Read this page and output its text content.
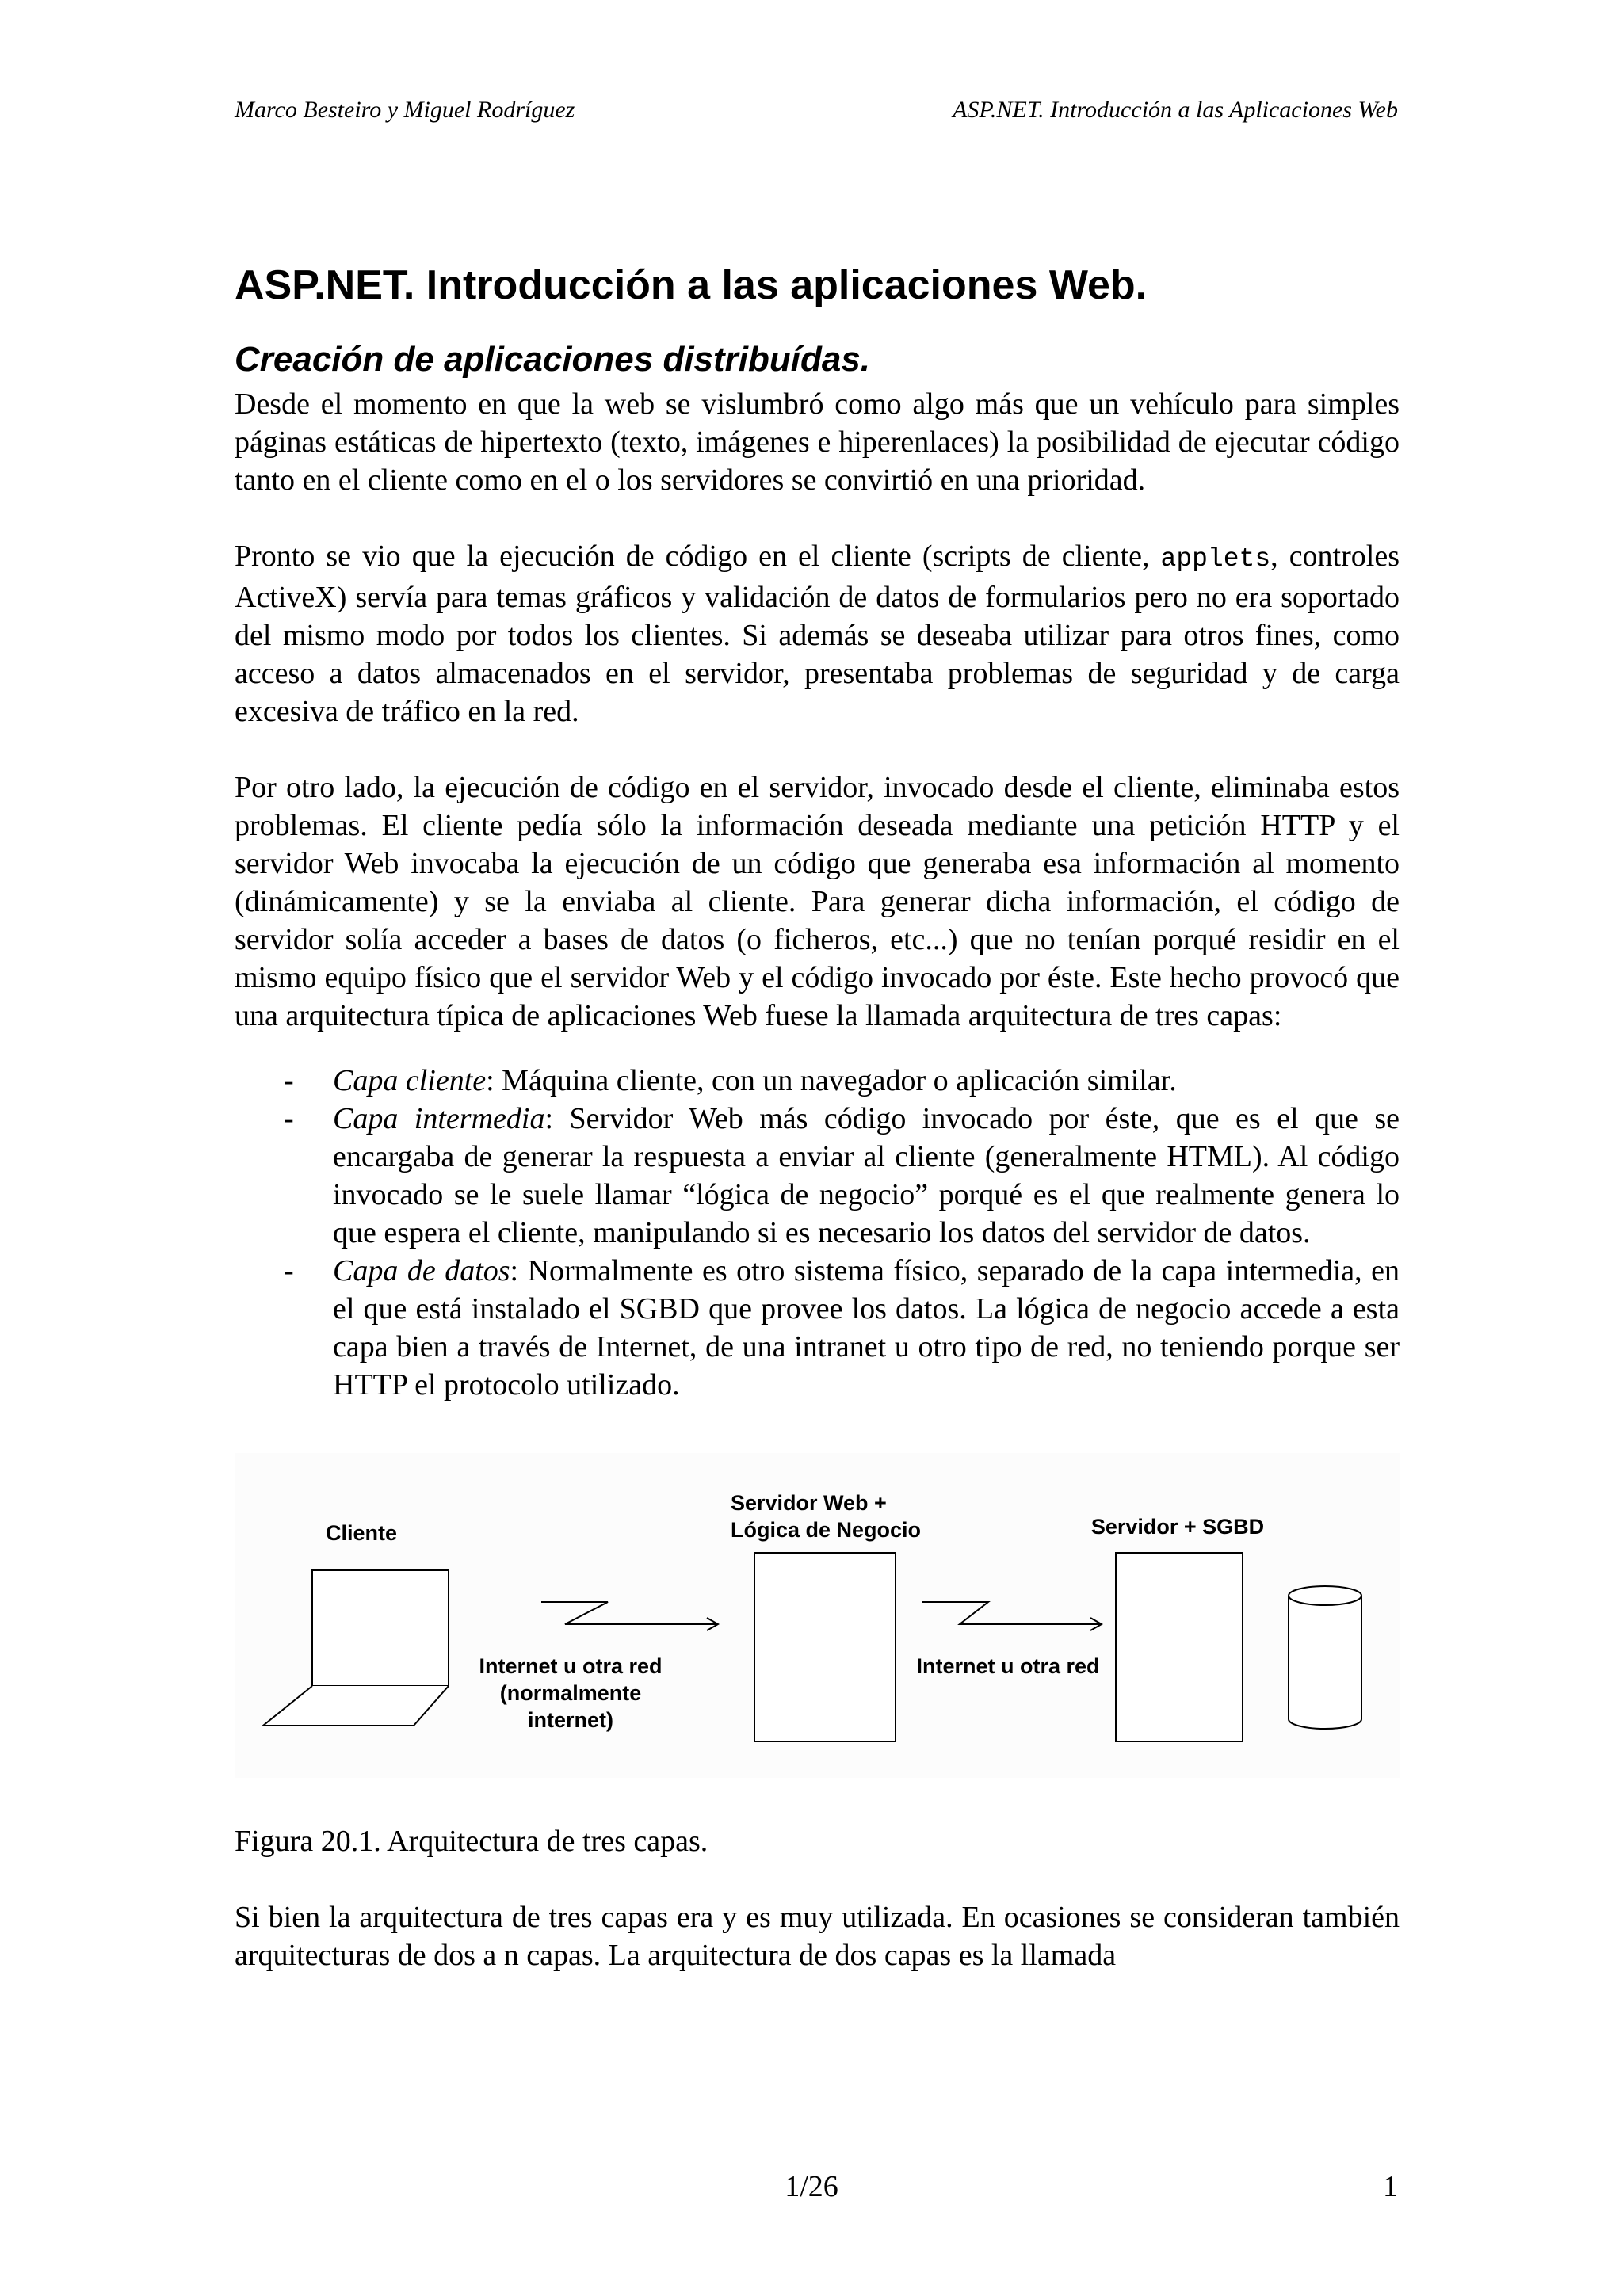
Marco Besteiro y Miguel Rodríguez	ASP.NET. Introducción a las Aplicaciones Web
ASP.NET. Introducción a las aplicaciones Web.
Creación de aplicaciones distribuídas.

Desde el momento en que la web se vislumbró como algo más que un vehículo para simples páginas estáticas de hipertexto (texto, imágenes e hiperenlaces) la posibilidad de ejecutar código tanto en el cliente como en el o los servidores se convirtió en una prioridad.

Pronto se vio que la ejecución de código en el cliente (scripts de cliente, applets, controles ActiveX) servía para temas gráficos y validación de datos de formularios pero no era soportado del mismo modo por todos los clientes. Si además se deseaba utilizar para otros fines, como acceso a datos almacenados en el servidor, presentaba problemas de seguridad y de carga excesiva de tráfico en la red.

Por otro lado, la ejecución de código en el servidor, invocado desde el cliente, eliminaba estos problemas. El cliente pedía sólo la información deseada mediante una petición HTTP y el servidor Web invocaba la ejecución de un código que generaba esa información al momento (dinámicamente) y se la enviaba al cliente. Para generar dicha información, el código de servidor solía acceder a bases de datos (o ficheros, etc...) que no tenían porqué residir en el mismo equipo físico que el servidor Web y el código invocado por éste. Este hecho provocó que una arquitectura típica de aplicaciones Web fuese la llamada arquitectura de tres capas:

- Capa cliente: Máquina cliente, con un navegador o aplicación similar.
- Capa intermedia: Servidor Web más código invocado por éste, que es el que se encargaba de generar la respuesta a enviar al cliente (generalmente HTML). Al código invocado se le suele llamar “lógica de negocio” porqué es el que realmente genera lo que espera el cliente, manipulando si es necesario los datos del servidor de datos.
- Capa de datos: Normalmente es otro sistema físico, separado de la capa intermedia, en el que está instalado el SGBD que provee los datos. La lógica de negocio accede a esta capa bien a través de Internet, de una intranet u otro tipo de red, no teniendo porque ser HTTP el protocolo utilizado.
Cliente
Internet u otra red
(normalmente
internet)
Servidor Web +
Lógica de Negocio
Internet u otra red
Servidor + SGBD

Figura 20.1. Arquitectura de tres capas.

Si bien la arquitectura de tres capas era y es muy utilizada. En ocasiones se consideran también arquitecturas de dos a n capas. La arquitectura de dos capas es la llamada

1/26	1
